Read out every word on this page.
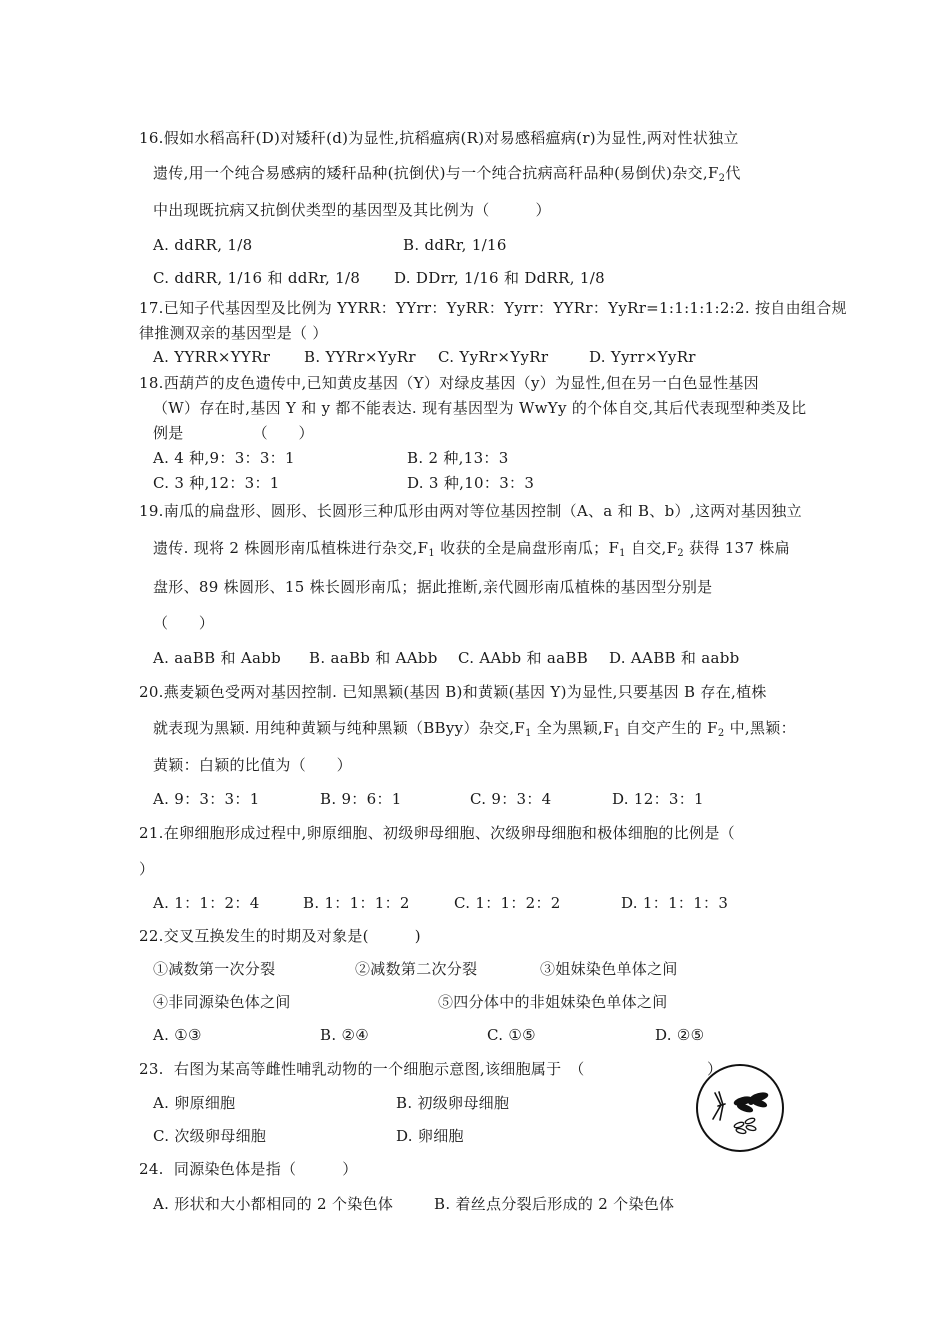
16.假如水稻高秆(D)对矮秆(d)为显性,抗稻瘟病(R)对易感稻瘟病(r)为显性,两对性状独立
遗传,用一个纯合易感病的矮秆品种(抗倒伏)与一个纯合抗病高秆品种(易倒伏)杂交$,F_2$代
中出现既抗病又抗倒伏类型的基因型及其比例为（　　　）
A. ddRR, 1/8	B. ddRr, 1/16
C. ddRR, 1/16 和 ddRr, 1/8 D. DDrr, 1/16 和 DdRR, 1/8
17.已知子代基因型及比例为 YYRR：YYrr：YyRR：Yyrr：YYRr：YyRr=1:1:1:1:2:2. 按自由组合规
律推测双亲的基因型是（ ）
A. YYRR×YYRr B. YYRr×YyRr C. YyRr×YyRr	D. Yyrr×YyRr
18.西葫芦的皮色遗传中,已知黄皮基因（Y）对绿皮基因（y）为显性,但在另一白色显性基因
（W）存在时,基因 Y 和 y 都不能表达. 现有基因型为 WwYy 的个体自交,其后代表现型种类及比
例是　　　　　（　　）
A. 4 种,9：3：3：1	B. 2 种,13：3
C. 3 种,12：3：1	D. 3 种,10：3：3
19.南瓜的扁盘形、圆形、长圆形三种瓜形由两对等位基因控制（A、a 和 B、b）,这两对基因独立
遗传. 现将 2 株圆形南瓜植株进行杂交$,F_1$ 收获的全是扁盘形南瓜；$F_1$ 自交$,F_2$ 获得 137 株扁
盘形、89 株圆形、15 株长圆形南瓜；据此推断,亲代圆形南瓜植株的基因型分别是
（　　）
A. aaBB 和 Aabb B. aaBb 和 AAbb C. AAbb 和 aaBB D. AABB 和 aabb
20.燕麦颖色受两对基因控制. 已知黑颖(基因 B)和黄颖(基因 Y)为显性,只要基因 B 存在,植株
就表现为黑颖. 用纯种黄颖与纯种黑颖（BByy）杂交$,F_1$ 全为黑颖$,F_1$ 自交产生的 $F_2$ 中,黑颖：
黄颖：白颖的比值为（　　）
A. 9：3：3：1	B. 9：6：1	C. 9：3：4	D. 12：3：1
21.在卵细胞形成过程中,卵原细胞、初级卵母细胞、次级卵母细胞和极体细胞的比例是（
）
A. 1：1：2：4	B. 1：1：1：2	C. 1：1：2：2	D. 1：1：1：3
22.交叉互换发生的时期及对象是(　　　)
①减数第一次分裂	②减数第二次分裂	③姐妹染色单体之间
④非同源染色体之间	⑤四分体中的非姐妹染色单体之间
A. ①③	B. ②④	C. ①⑤	D. ②⑤
23. 右图为某高等雌性哺乳动物的一个细胞示意图,该细胞属于　（　　　　　　　　）
A. 卵原细胞	B. 初级卵母细胞
C. 次级卵母细胞	D. 卵细胞
24. 同源染色体是指（　　　）
A. 形状和大小都相同的 2 个染色体	B. 着丝点分裂后形成的 2 个染色体
